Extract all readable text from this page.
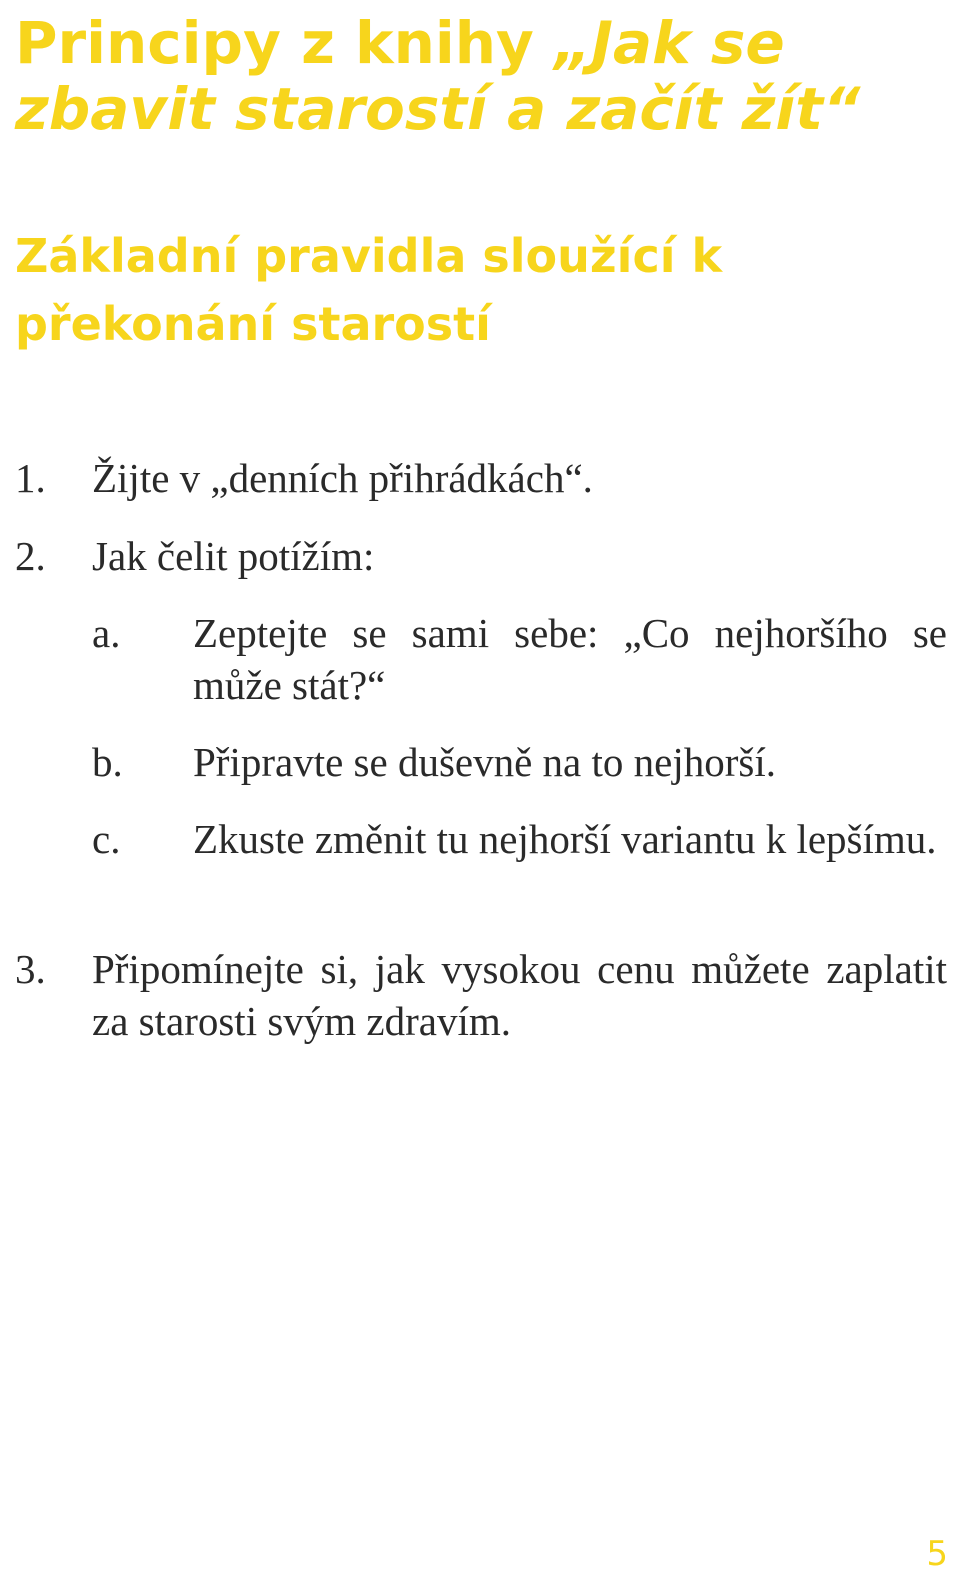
Principy z knihy „Jak se zbavit starostí a začít žít“
Základní pravidla sloužící k překonání starostí
1. Žijte v „denních přihrádkách“.
2. Jak čelit potížím:
a. Zeptejte se sami sebe: „Co nejhoršího se může stát?“
b. Připravte se duševně na to nejhorší.
c. Zkuste změnit tu nejhorší variantu k lepšímu.
3. Připomínejte si, jak vysokou cenu můžete zaplatit za starosti svým zdravím.
5
